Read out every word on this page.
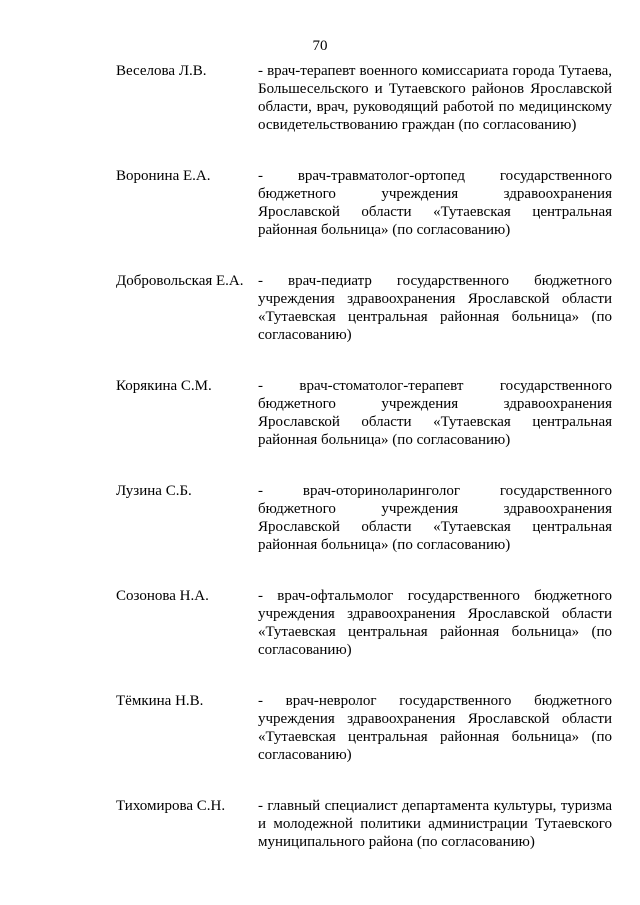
70
Веселова Л.В.	- врач-терапевт военного комиссариата города Тутаева, Большесельского и Тутаевского районов Ярославской области, врач, руководящий работой по медицинскому освидетельствованию граждан (по согласованию)
Воронина Е.А.	- врач-травматолог-ортопед государственного бюджетного учреждения здравоохранения Ярославской области «Тутаевская центральная районная больница» (по согласованию)
Добровольская Е.А. - врач-педиатр государственного бюджетного учреждения здравоохранения Ярославской области «Тутаевская центральная районная больница» (по согласованию)
Корякина С.М.	- врач-стоматолог-терапевт государственного бюджетного учреждения здравоохранения Ярославской области «Тутаевская центральная районная больница» (по согласованию)
Лузина С.Б.	- врач-оториноларинголог государственного бюджетного учреждения здравоохранения Ярославской области «Тутаевская центральная районная больница» (по согласованию)
Созонова Н.А.	- врач-офтальмолог государственного бюджетного учреждения здравоохранения Ярославской области «Тутаевская центральная районная больница» (по согласованию)
Тёмкина Н.В.	- врач-невролог государственного бюджетного учреждения здравоохранения Ярославской области «Тутаевская центральная районная больница» (по согласованию)
Тихомирова С.Н. - главный специалист департамента культуры, туризма и молодежной политики администрации Тутаевского муниципального района (по согласованию)
